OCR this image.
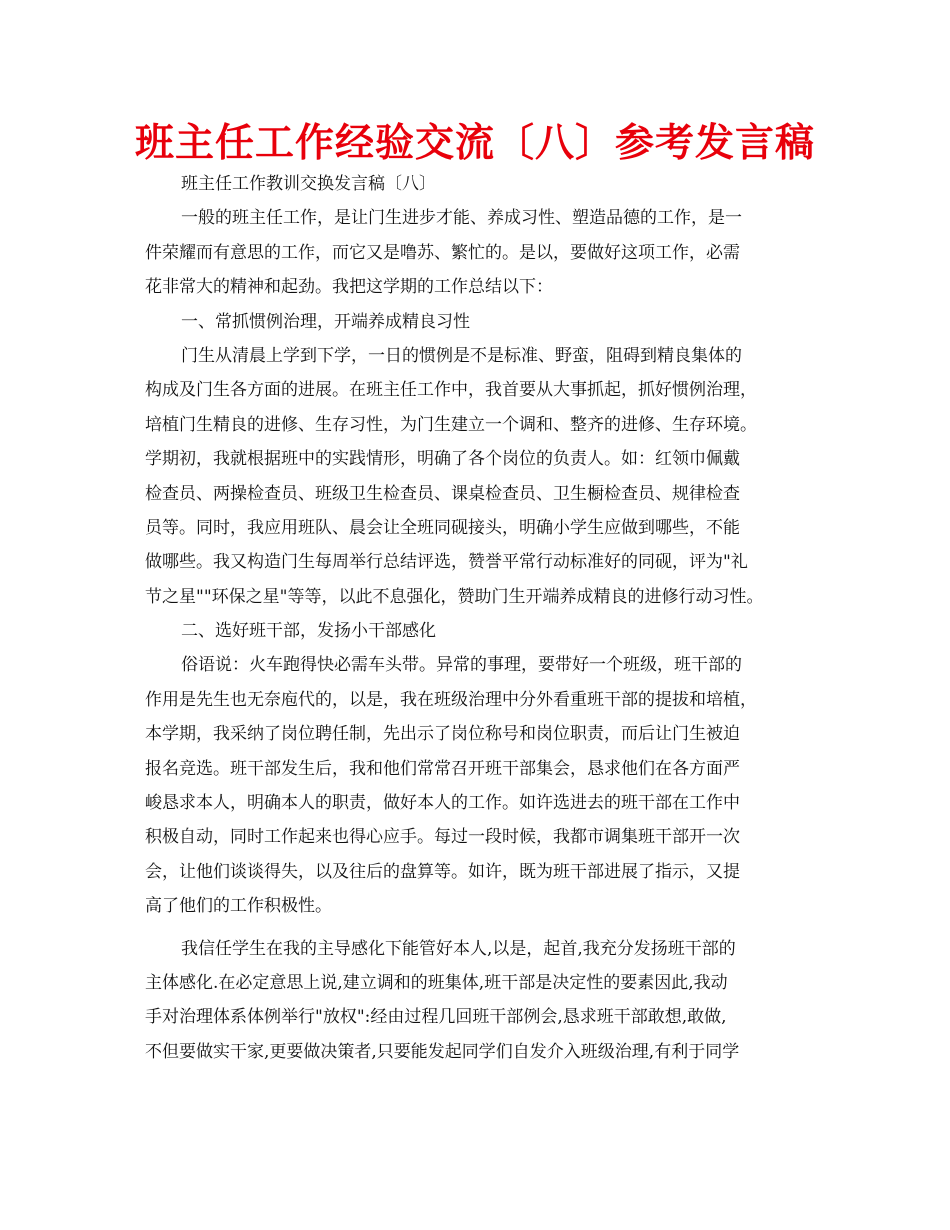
班主任工作经验交流〔八〕参考发言稿
班主任工作教训交换发言稿〔八〕
一般的班主任工作，是让门生进步才能、养成习性、塑造品德的工作，是一
件荣耀而有意思的工作，而它又是噜苏、繁忙的。是以，要做好这项工作，必需
花非常大的精神和起劲。我把这学期的工作总结以下：
一、常抓惯例治理，开端养成精良习性
门生从清晨上学到下学，一日的惯例是不是标准、野蛮，阻碍到精良集体的
构成及门生各方面的进展。在班主任工作中，我首要从大事抓起，抓好惯例治理，
培植门生精良的进修、生存习性，为门生建立一个调和、整齐的进修、生存环境。
学期初，我就根据班中的实践情形，明确了各个岗位的负责人。如：红领巾佩戴
检查员、两操检查员、班级卫生检查员、课桌检查员、卫生橱检查员、规律检查
员等。同时，我应用班队、晨会让全班同砚接头，明确小学生应做到哪些，不能
做哪些。我又构造门生每周举行总结评选，赞誉平常行动标准好的同砚，评为"礼
节之星""环保之星"等等，以此不息强化，赞助门生开端养成精良的进修行动习性。
二、选好班干部，发扬小干部感化
俗语说：火车跑得快必需车头带。异常的事理，要带好一个班级，班干部的
作用是先生也无奈庖代的，以是，我在班级治理中分外看重班干部的提拔和培植，
本学期，我采纳了岗位聘任制，先出示了岗位称号和岗位职责，而后让门生被迫
报名竞选。班干部发生后，我和他们常常召开班干部集会，恳求他们在各方面严
峻恳求本人，明确本人的职责，做好本人的工作。如许选进去的班干部在工作中
积极自动，同时工作起来也得心应手。每过一段时候，我都市调集班干部开一次
会，让他们谈谈得失，以及往后的盘算等。如许，既为班干部进展了指示，又提
高了他们的工作积极性。
我信任学生在我的主导感化下能管好本人,以是，起首,我充分发扬班干部的
主体感化.在必定意思上说,建立调和的班集体,班干部是决定性的要素因此,我动
手对治理体系体例举行"放权":经由过程几回班干部例会,恳求班干部敢想,敢做,
不但要做实干家,更要做决策者,只要能发起同学们自发介入班级治理,有利于同学
